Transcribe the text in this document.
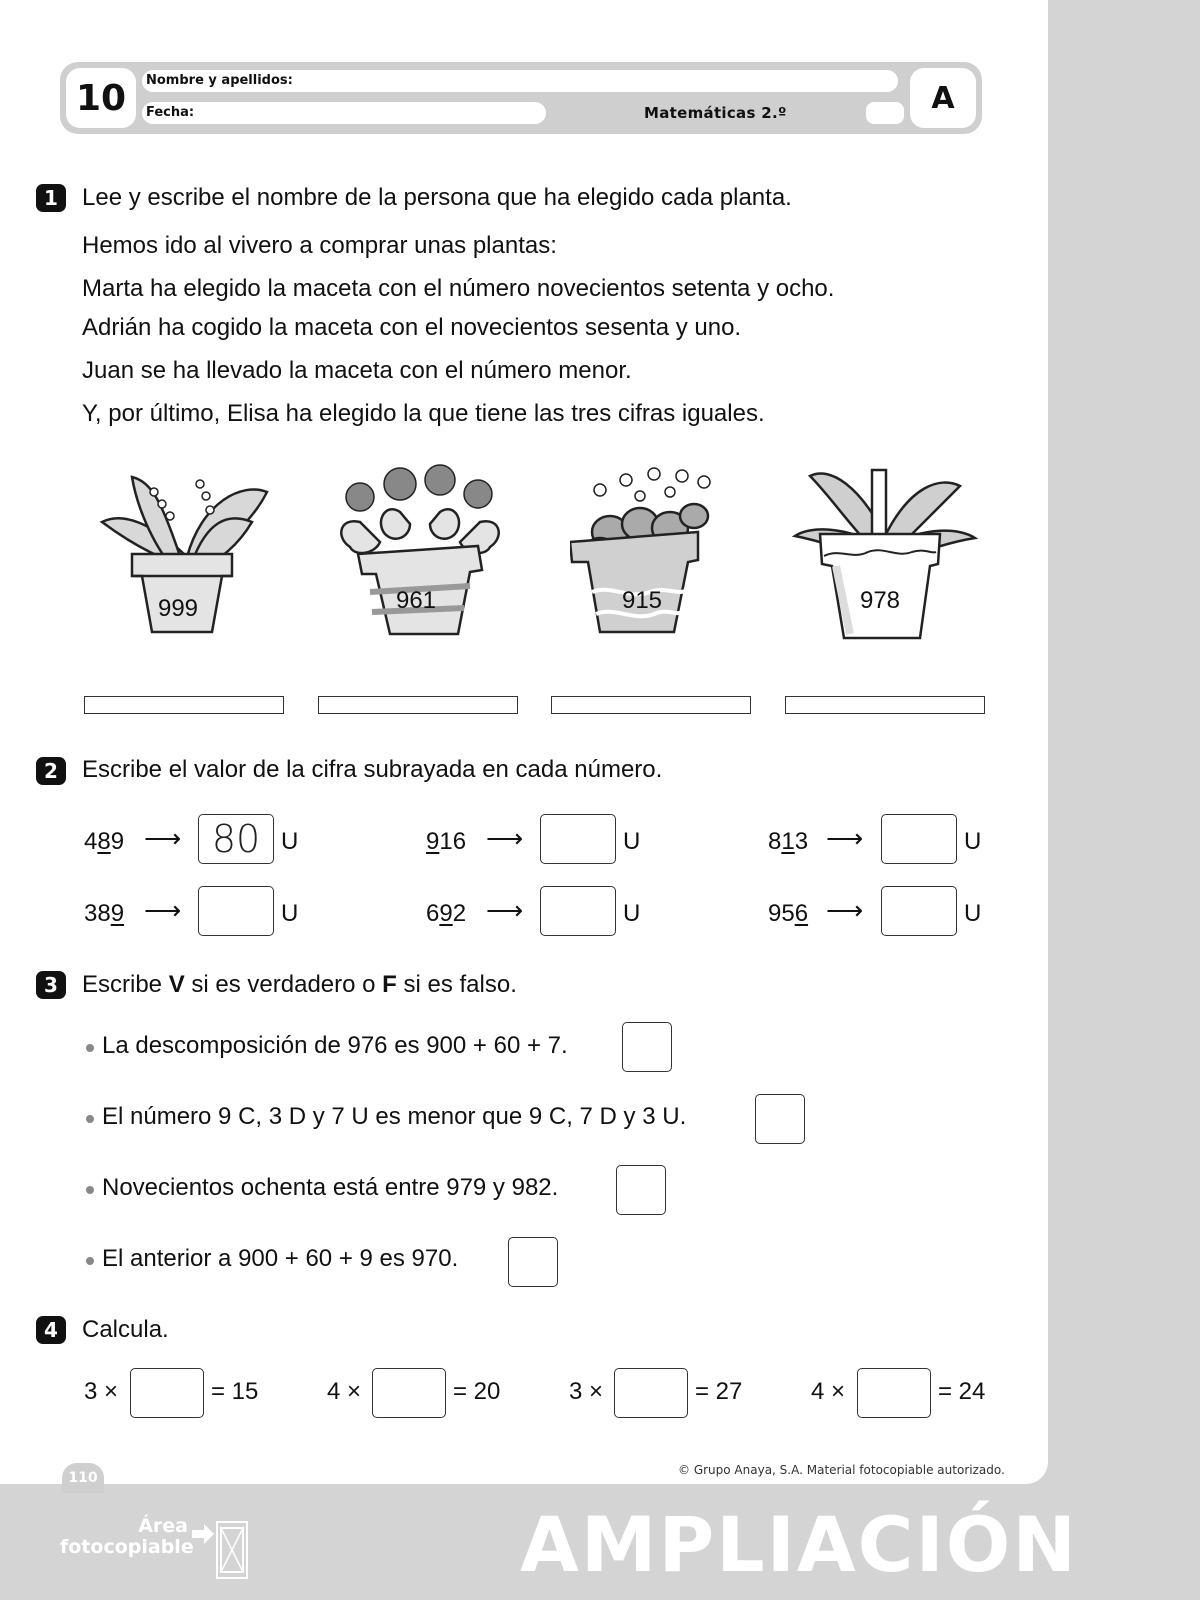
10	Nombre y apellidos:
Fecha:	Matemáticas 2.º	A
1	Lee y escribe el nombre de la persona que ha elegido cada planta.
Hemos ido al vivero a comprar unas plantas:
Marta ha elegido la maceta con el número novecientos setenta y ocho.
Adrián ha cogido la maceta con el novecientos sesenta y uno.
Juan se ha llevado la maceta con el número menor.
Y, por último, Elisa ha elegido la que tiene las tres cifras iguales.
999	961	915	978
2	Escribe el valor de la cifra subrayada en cada número.
489 ⟶ 80 U	916 ⟶	U	813 ⟶	U
389 ⟶	U	692 ⟶	U	956 ⟶	U
3	Escribe V si es verdadero o F si es falso.
La descomposición de 976 es 900 + 60 + 7.
El número 9 C, 3 D y 7 U es menor que 9 C, 7 D y 3 U.
Novecientos ochenta está entre 979 y 982.
El anterior a 900 + 60 + 9 es 970.
4	Calcula.
3 ×	= 15	4 ×	= 20	3 ×	= 27	4 ×	= 24
© Grupo Anaya, S.A. Material fotocopiable autorizado.
110
Área
fotocopiable	AMPLIACIÓN
